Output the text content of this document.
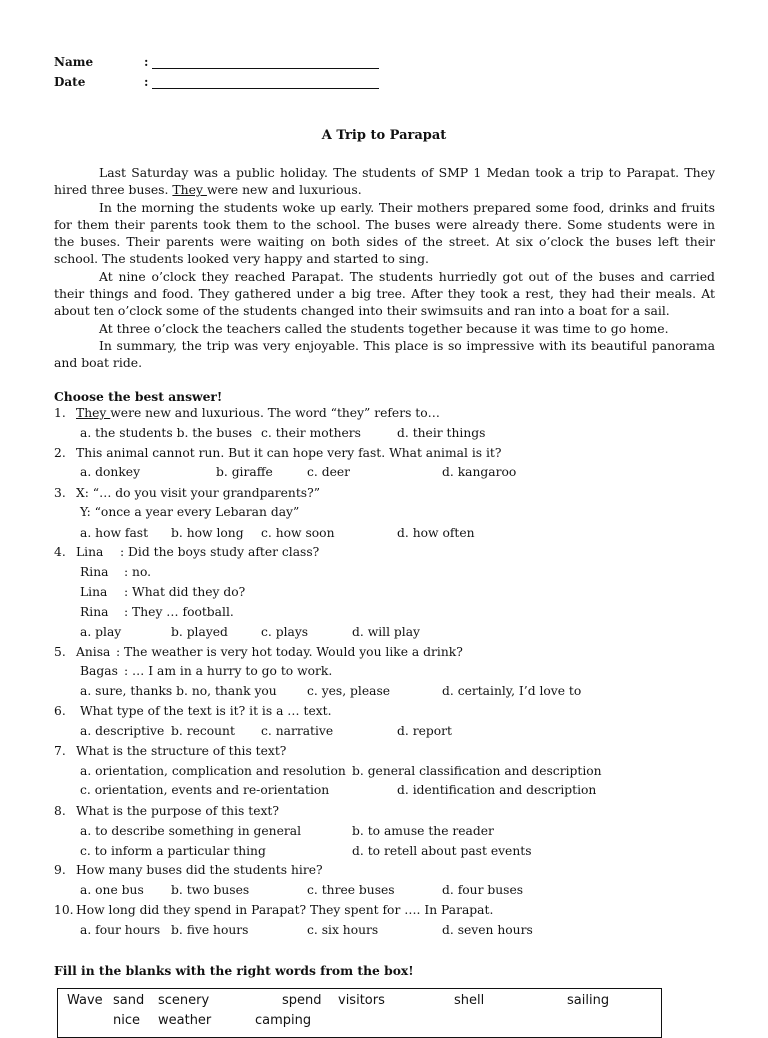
Name	:
Date	:
A Trip to Parapat

Last Saturday was a public holiday. The students of SMP 1 Medan took a trip to Parapat. They hired three buses. They were new and luxurious.

In the morning the students woke up early. Their mothers prepared some food, drinks and fruits for them their parents took them to the school. The buses were already there. Some students were in the buses. Their parents were waiting on both sides of the street. At six o’clock the buses left their school. The students looked very happy and started to sing.

At nine o’clock they reached Parapat. The students hurriedly got out of the buses and carried their things and food. They gathered under a big tree. After they took a rest, they had their meals. At about ten o’clock some of the students changed into their swimsuits and ran into a boat for a sail.

At three o’clock the teachers called the students together because it was time to go home.

In summary, the trip was very enjoyable. This place is so impressive with its beautiful panorama and boat ride.

Choose the best answer!
1. They were new and luxurious. The word “they” refers to…
a. the students b. the buses c. their mothers	d. their things
2. This animal cannot run. But it can hope very fast. What animal is it?
a. donkey	b. giraffe	c. deer	d. kangaroo
3. X: “… do you visit your grandparents?”
Y: “once a year every Lebaran day”
a. how fast b. how long c. how soon	d. how often
4. Lina : Did the boys study after class?
Rina : no.
Lina : What did they do?
Rina : They … football.
a. play	b. played	c. plays	d. will play
5. Anisa : The weather is very hot today. Would you like a drink?
Bagas : … I am in a hurry to go to work.
a. sure, thanks b. no, thank you c. yes, please	d. certainly, I’d love to
6. What type of the text is it? it is a … text.
a. descriptive b. recount c. narrative	d. report
7. What is the structure of this text?
a. orientation, complication and resolution b. general classification and description
c. orientation, events and re-orientation	d. identification and description
8. What is the purpose of this text?
a. to describe something in general	b. to amuse the reader
c. to inform a particular thing	d. to retell about past events
9. How many buses did the students hire?
a. one bus b. two buses	c. three buses	d. four buses
10. How long did they spend in Parapat? They spent for …. In Parapat.
a. four hours b. five hours	c. six hours	d. seven hours
Fill in the blanks with the right words from the box!
Wave sand scenery	spend visitors	shell	sailing
nice weather	camping
